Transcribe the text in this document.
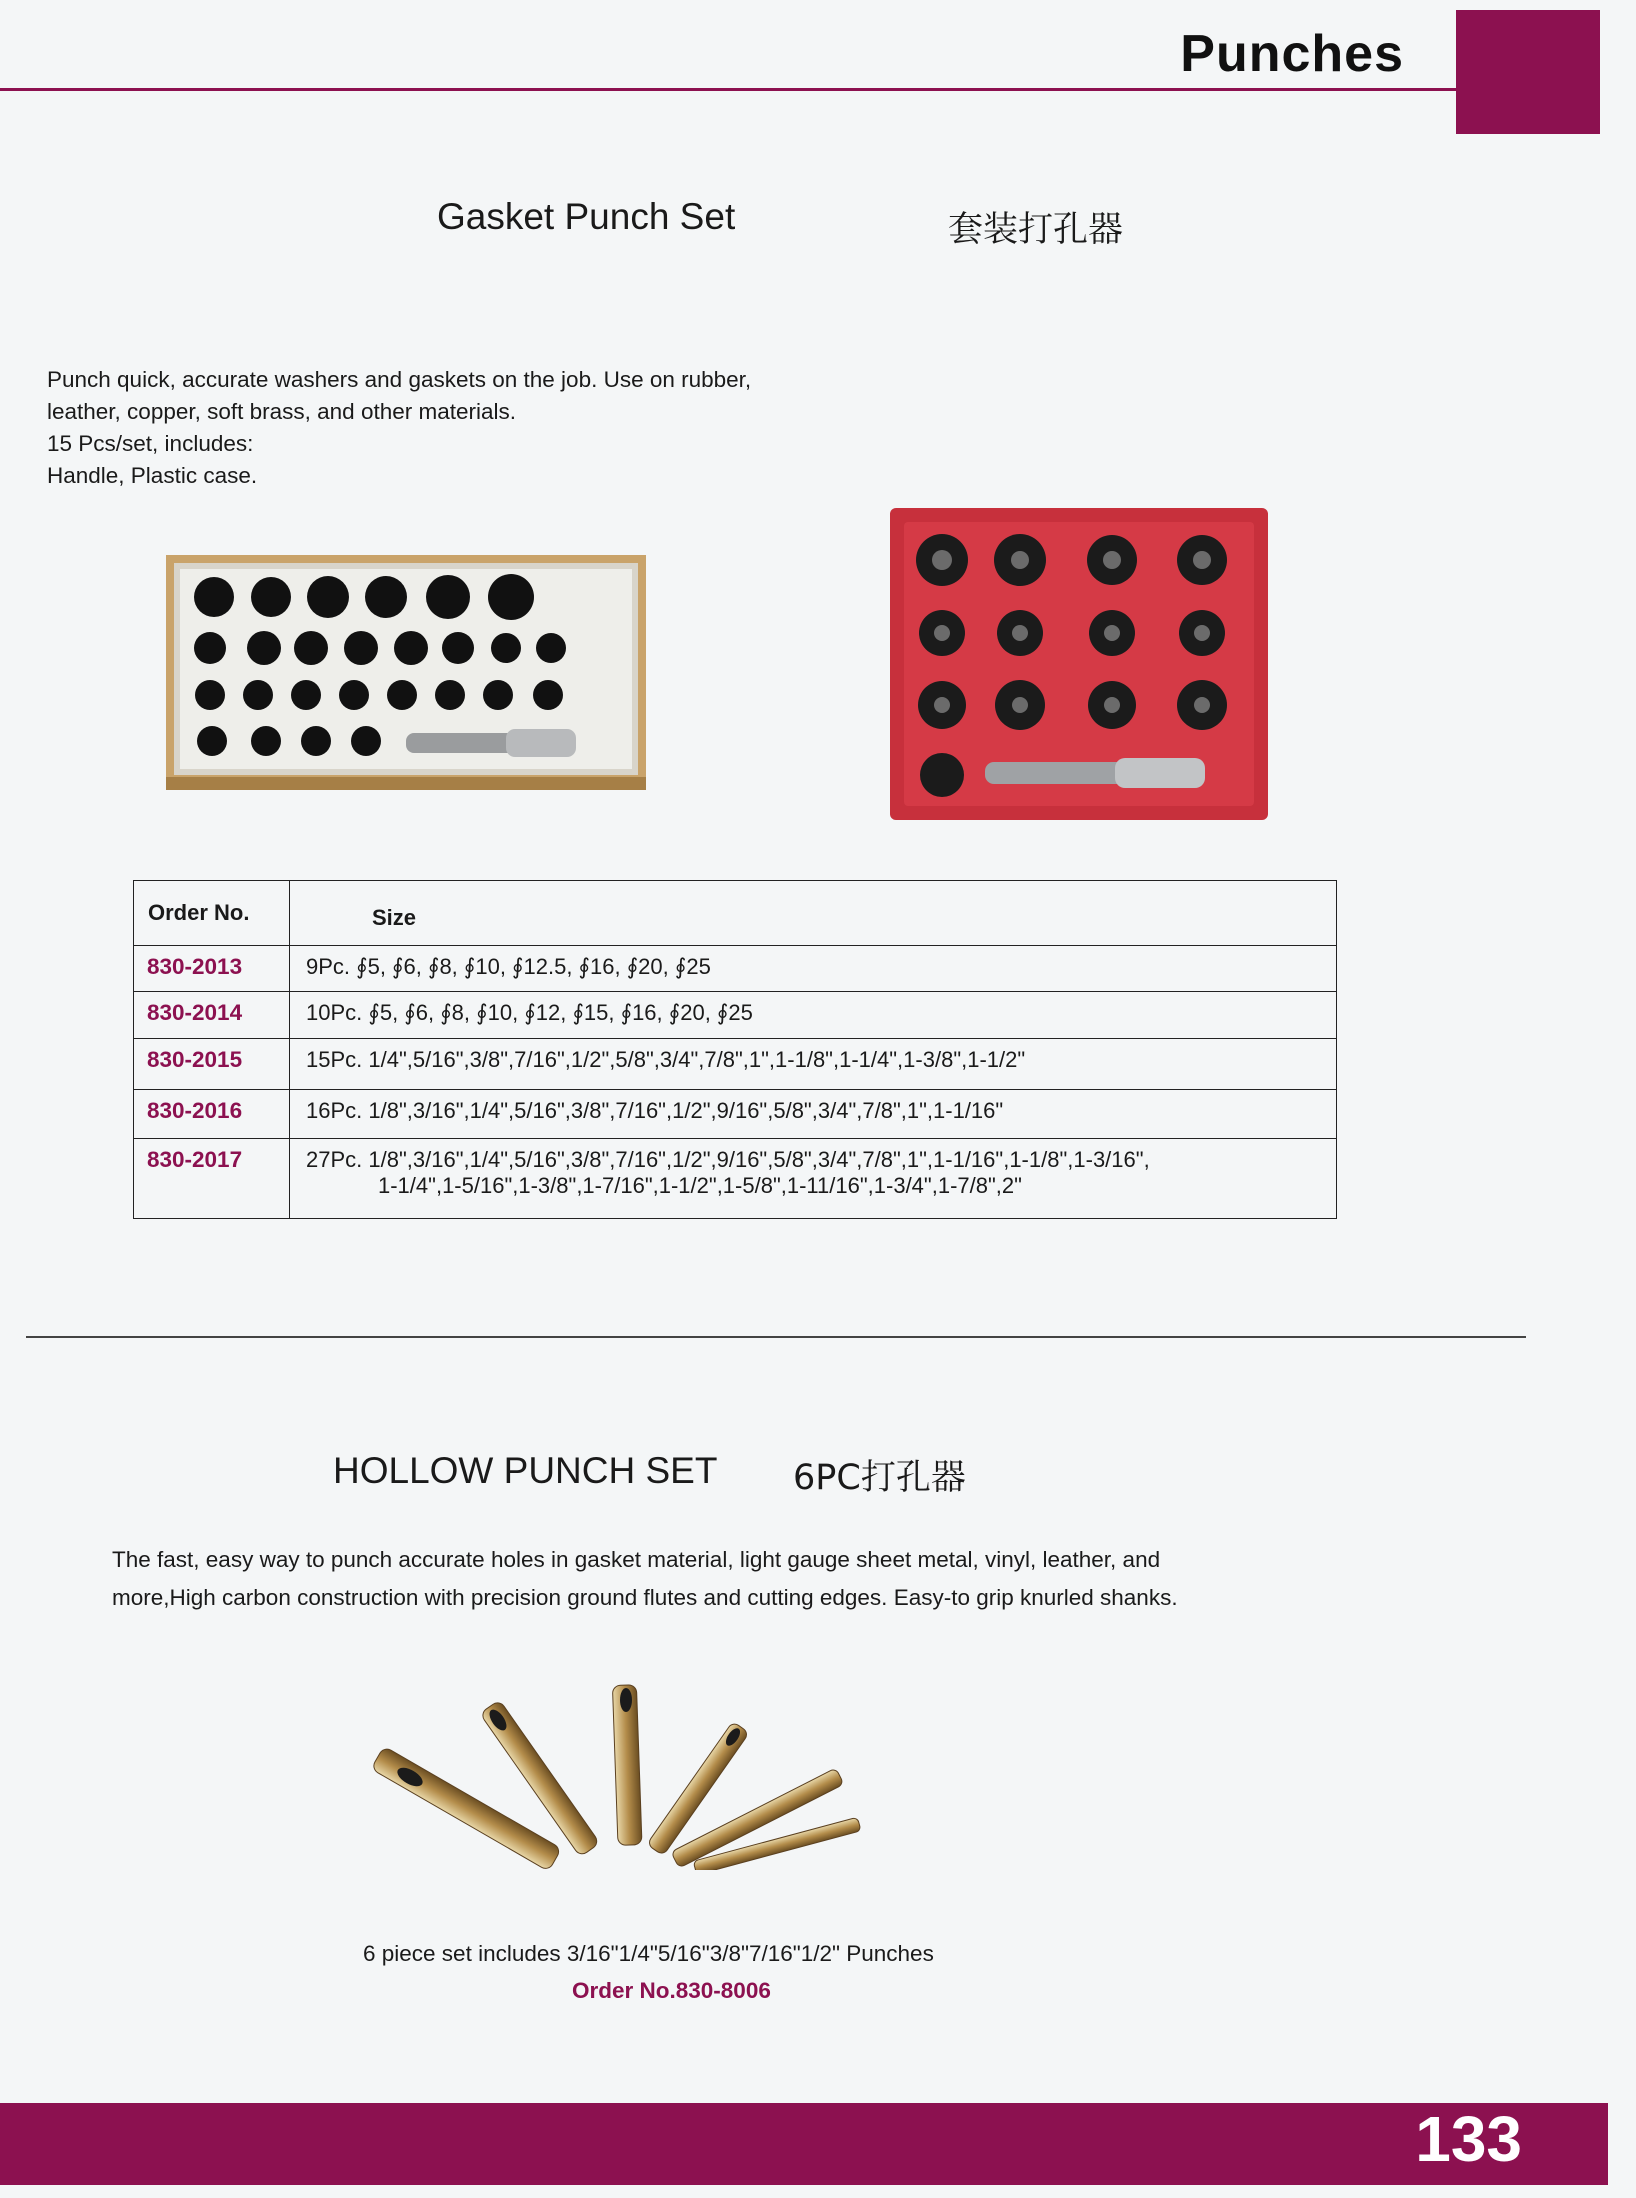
Punches
Gasket Punch Set	套装打孔器
Punch quick, accurate washers and gaskets on the job. Use on rubber,
leather, copper, soft brass, and other materials.
15 Pcs/set, includes:
Handle, Plastic case.
Order No.	Size
830-2013	9Pc. ∮5, ∮6, ∮8, ∮10, ∮12.5, ∮16, ∮20, ∮25
830-2014	10Pc. ∮5, ∮6, ∮8, ∮10, ∮12, ∮15, ∮16, ∮20, ∮25
830-2015	15Pc. 1/4",5/16",3/8",7/16",1/2",5/8",3/4",7/8",1",1-1/8",1-1/4",1-3/8",1-1/2"
830-2016	16Pc. 1/8",3/16",1/4",5/16",3/8",7/16",1/2",9/16",5/8",3/4",7/8",1",1-1/16"
830-2017	27Pc. 1/8",3/16",1/4",5/16",3/8",7/16",1/2",9/16",5/8",3/4",7/8",1",1-1/16",1-1/8",1-3/16",
1-1/4",1-5/16",1-3/8",1-7/16",1-1/2",1-5/8",1-11/16",1-3/4",1-7/8",2"
HOLLOW PUNCH SET 6PC打孔器
The fast, easy way to punch accurate holes in gasket material, light gauge sheet metal, vinyl, leather, and
more,High carbon construction with precision ground flutes and cutting edges. Easy-to grip knurled shanks.
6 piece set includes 3/16"1/4"5/16"3/8"7/16"1/2" Punches
Order No.830-8006
133
